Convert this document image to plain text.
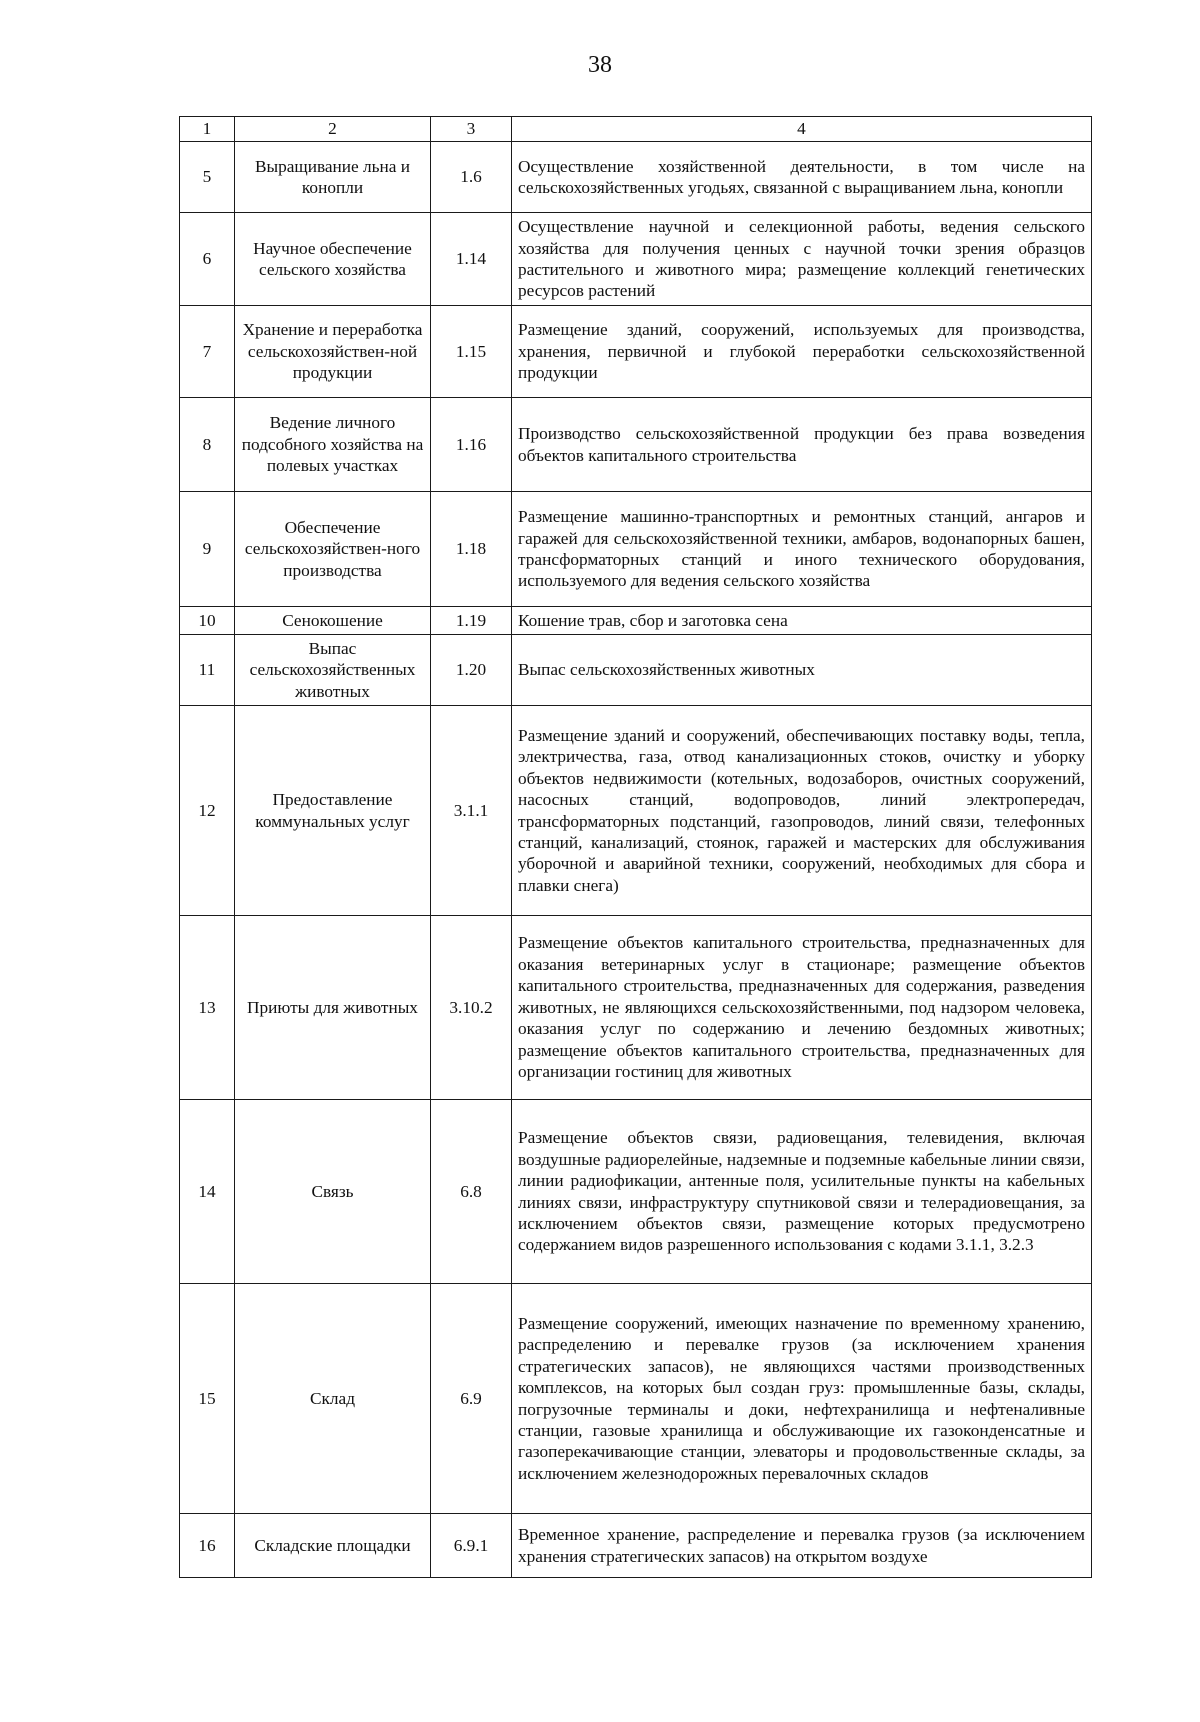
38
1	2	3	4
5	Выращивание льна и конопли	1.6	Осуществление хозяйственной деятельности, в том числе на сельскохозяйственных угодьях, связанной с выращиванием льна, конопли
6	Научное обеспечение сельского хозяйства	1.14	Осуществление научной и селекционной работы, ведения сельского хозяйства для получения ценных с научной точки зрения образцов растительного и животного мира; размещение коллекций генетических ресурсов растений
7	Хранение и переработка сельскохозяйствен-ной продукции	1.15	Размещение зданий, сооружений, используемых для производства, хранения, первичной и глубокой переработки сельскохозяйственной продукции
8	Ведение личного подсобного хозяйства на полевых участках	1.16	Производство сельскохозяйственной продукции без права возведения объектов капитального строительства
9	Обеспечение сельскохозяйствен-ного производства	1.18	Размещение машинно-транспортных и ремонтных станций, ангаров и гаражей для сельскохозяйственной техники, амбаров, водонапорных башен, трансформаторных станций и иного технического оборудования, используемого для ведения сельского хозяйства
10	Сенокошение	1.19	Кошение трав, сбор и заготовка сена
11	Выпас сельскохозяйственных животных	1.20	Выпас сельскохозяйственных животных
12	Предоставление коммунальных услуг	3.1.1	Размещение зданий и сооружений, обеспечивающих поставку воды, тепла, электричества, газа, отвод канализационных стоков, очистку и уборку объектов недвижимости (котельных, водозаборов, очистных сооружений, насосных станций, водопроводов, линий электропередач, трансформаторных подстанций, газопроводов, линий связи, телефонных станций, канализаций, стоянок, гаражей и мастерских для обслуживания уборочной и аварийной техники, сооружений, необходимых для сбора и плавки снега)
13	Приюты для животных	3.10.2	Размещение объектов капитального строительства, предназначенных для оказания ветеринарных услуг в стационаре; размещение объектов капитального строительства, предназначенных для содержания, разведения животных, не являющихся сельскохозяйственными, под надзором человека, оказания услуг по содержанию и лечению бездомных животных; размещение объектов капитального строительства, предназначенных для организации гостиниц для животных
14	Связь	6.8	Размещение объектов связи, радиовещания, телевидения, включая воздушные радиорелейные, надземные и подземные кабельные линии связи, линии радиофикации, антенные поля, усилительные пункты на кабельных линиях связи, инфраструктуру спутниковой связи и телерадиовещания, за исключением объектов связи, размещение которых предусмотрено содержанием видов разрешенного использования с кодами 3.1.1, 3.2.3
15	Склад	6.9	Размещение сооружений, имеющих назначение по временному хранению, распределению и перевалке грузов (за исключением хранения стратегических запасов), не являющихся частями производственных комплексов, на которых был создан груз: промышленные базы, склады, погрузочные терминалы и доки, нефтехранилища и нефтеналивные станции, газовые хранилища и обслуживающие их газоконденсатные и газоперекачивающие станции, элеваторы и продовольственные склады, за исключением железнодорожных перевалочных складов
16	Складские площадки	6.9.1	Временное хранение, распределение и перевалка грузов (за исключением хранения стратегических запасов) на открытом воздухе
